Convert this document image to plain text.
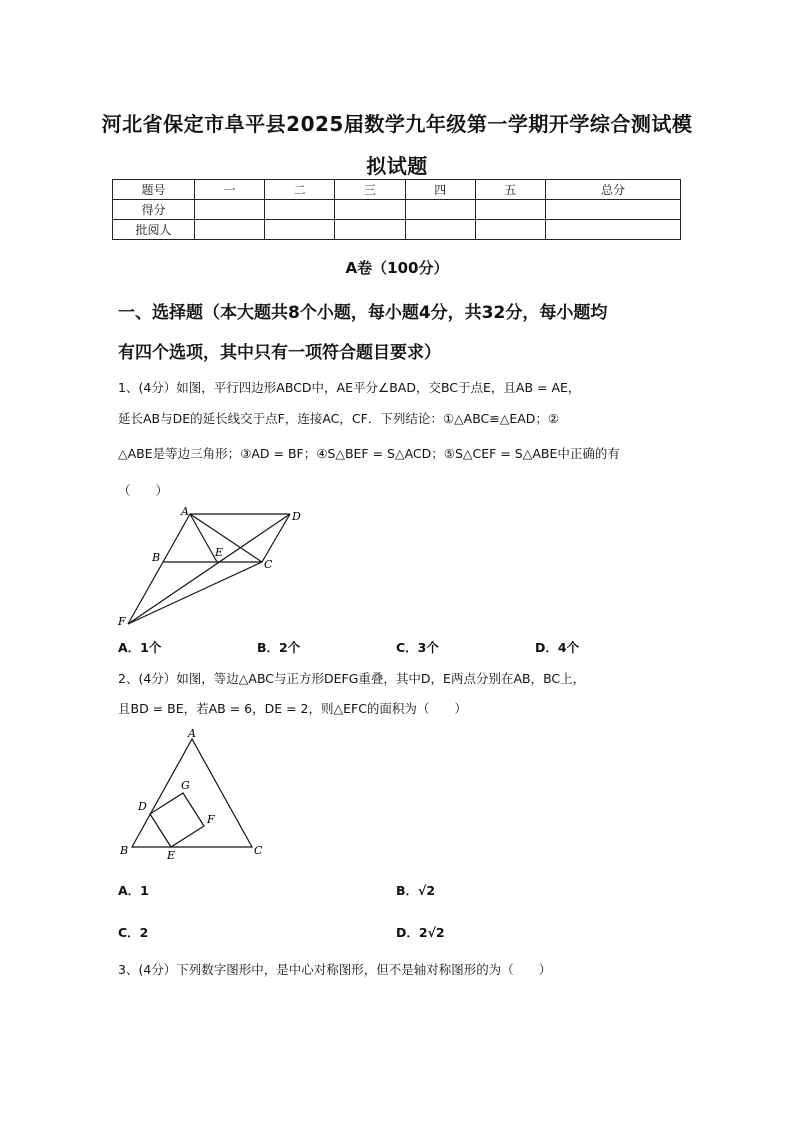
河北省保定市阜平县2025届数学九年级第一学期开学综合测试模
拟试题
题号	一	二	三	四	五	总分
得分						
批阅人						
A卷（100分）
一、选择题（本大题共8个小题，每小题4分，共32分，每小题均
有四个选项，其中只有一项符合题目要求）
1、(4分）如图，平行四边形ABCD中，AE平分∠BAD，交BC于点E，且AB = AE，
延长AB与DE的延长线交于点F，连接AC，CF．下列结论：①△ABC≌△EAD；②
△ABE是等边三角形；③AD = BF；④S△BEF = S△ACD；⑤S△CEF = S△ABE中正确的有
（　　）
A	D
B	E
C
F
A．1个	B．2个	C．3个	D．4个
2、(4分）如图，等边△ABC与正方形DEFG重叠，其中D，E两点分别在AB，BC上，
且BD = BE，若AB = 6，DE = 2，则△EFC的面积为（　　）
A
G
D
F
B	E	C
A．1	B．√2
C．2	D．2√2
3、(4分）下列数字图形中，是中心对称图形，但不是轴对称图形的为（　　）
